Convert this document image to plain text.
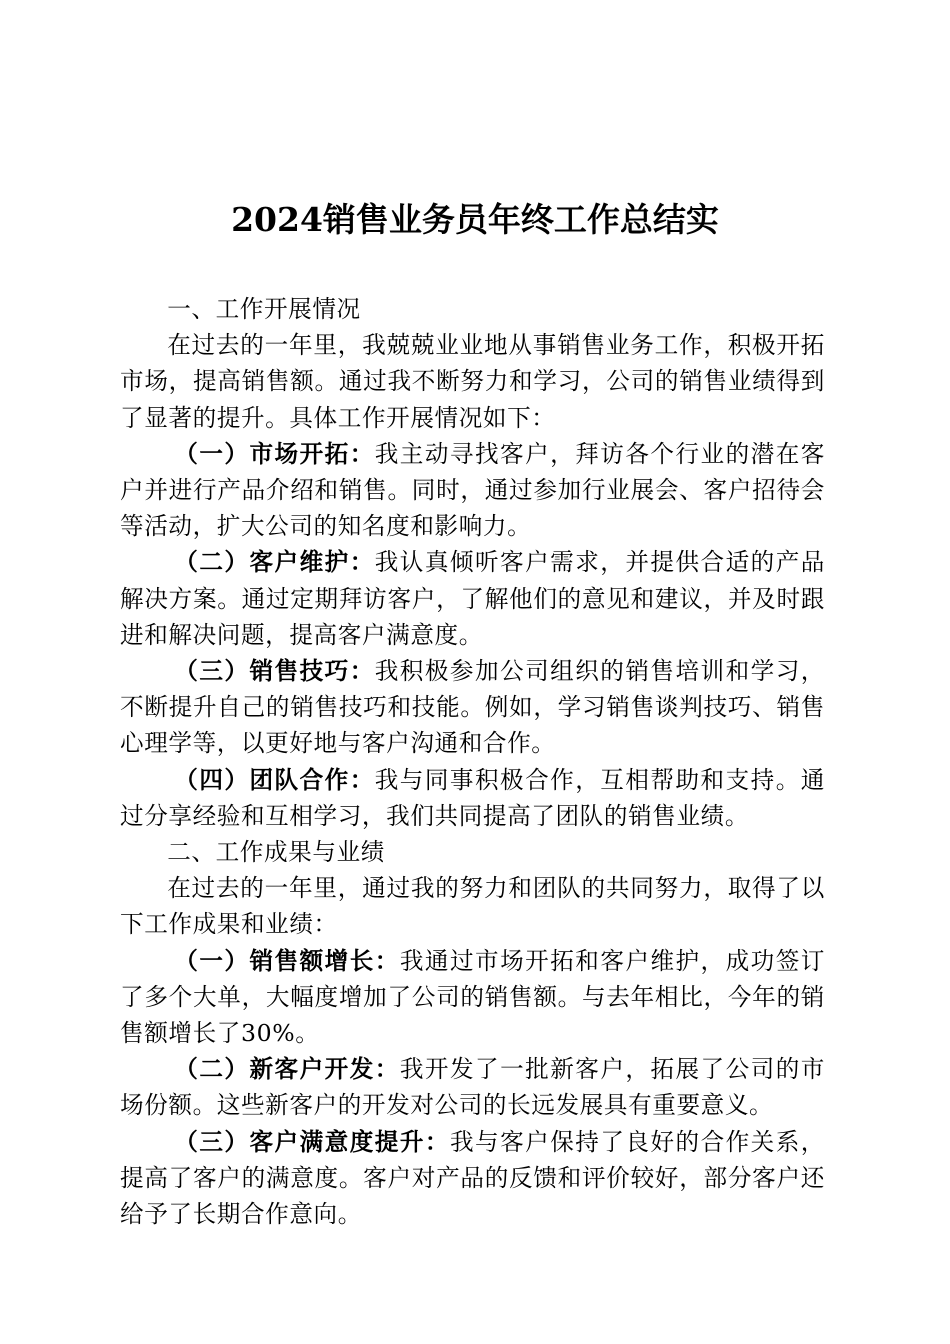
2024销售业务员年终工作总结实

一、工作开展情况

在过去的一年里，我兢兢业业地从事销售业务工作，积极开拓市场，提高销售额。通过我不断努力和学习，公司的销售业绩得到了显著的提升。具体工作开展情况如下：

（一）市场开拓：我主动寻找客户，拜访各个行业的潜在客户并进行产品介绍和销售。同时，通过参加行业展会、客户招待会等活动，扩大公司的知名度和影响力。

（二）客户维护：我认真倾听客户需求，并提供合适的产品解决方案。通过定期拜访客户，了解他们的意见和建议，并及时跟进和解决问题，提高客户满意度。

（三）销售技巧：我积极参加公司组织的销售培训和学习，不断提升自己的销售技巧和技能。例如，学习销售谈判技巧、销售心理学等，以更好地与客户沟通和合作。

（四）团队合作：我与同事积极合作，互相帮助和支持。通过分享经验和互相学习，我们共同提高了团队的销售业绩。

二、工作成果与业绩

在过去的一年里，通过我的努力和团队的共同努力，取得了以下工作成果和业绩：

（一）销售额增长：我通过市场开拓和客户维护，成功签订了多个大单，大幅度增加了公司的销售额。与去年相比，今年的销售额增长了30%。

（二）新客户开发：我开发了一批新客户，拓展了公司的市场份额。这些新客户的开发对公司的长远发展具有重要意义。

（三）客户满意度提升：我与客户保持了良好的合作关系，提高了客户的满意度。客户对产品的反馈和评价较好，部分客户还给予了长期合作意向。
